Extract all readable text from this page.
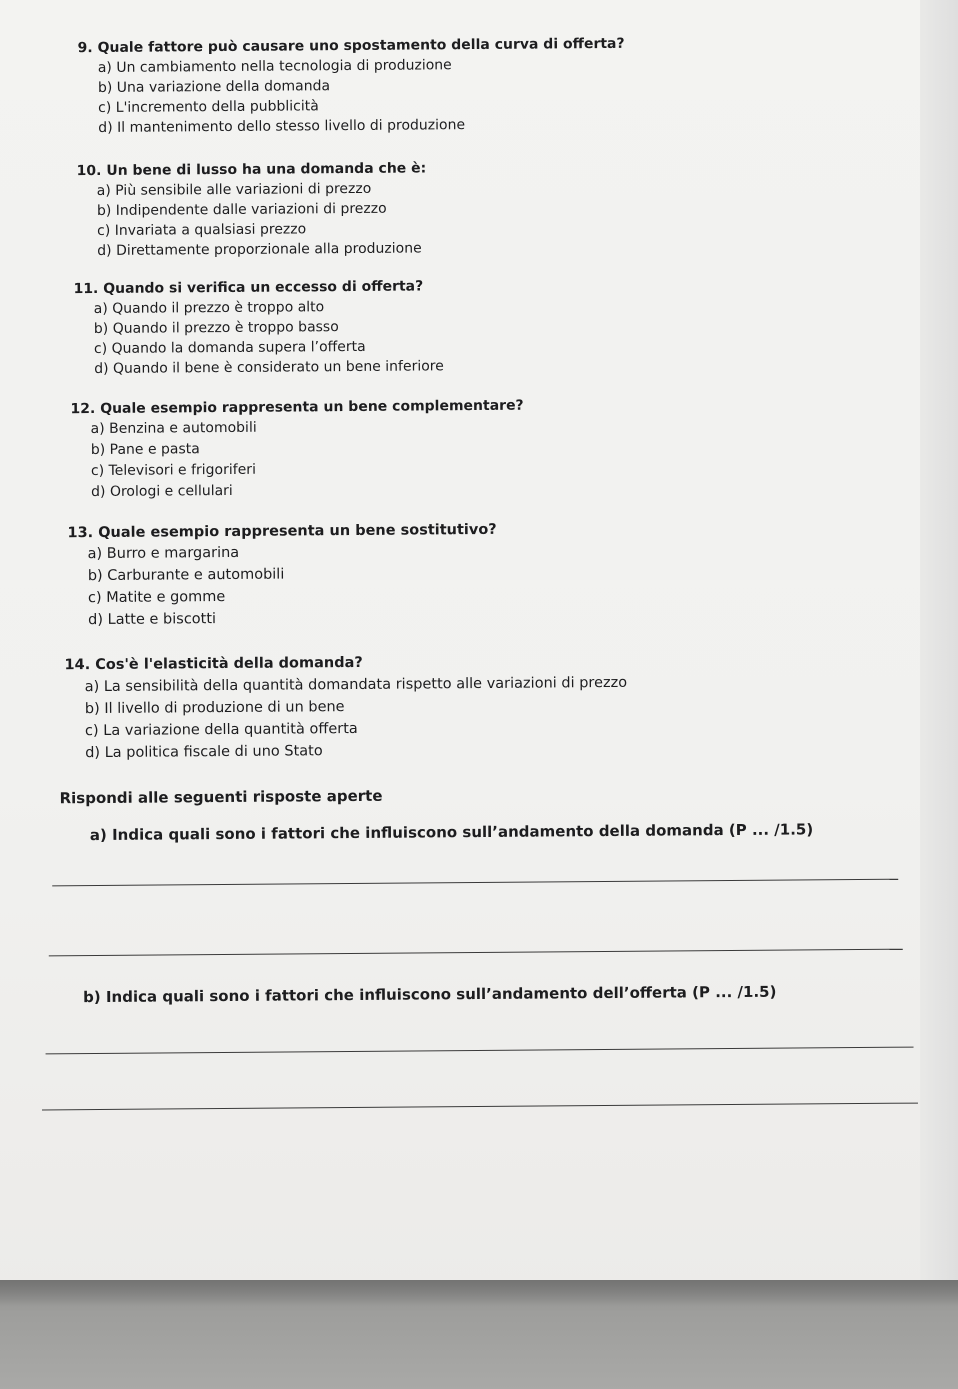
9. Quale fattore può causare uno spostamento della curva di offerta?

a) Un cambiamento nella tecnologia di produzione

b) Una variazione della domanda

c) L'incremento della pubblicità

d) Il mantenimento dello stesso livello di produzione

10. Un bene di lusso ha una domanda che è:

a) Più sensibile alle variazioni di prezzo

b) Indipendente dalle variazioni di prezzo

c) Invariata a qualsiasi prezzo

d) Direttamente proporzionale alla produzione

11. Quando si verifica un eccesso di offerta?

a) Quando il prezzo è troppo alto

b) Quando il prezzo è troppo basso

c) Quando la domanda supera l’offerta

d) Quando il bene è considerato un bene inferiore

12. Quale esempio rappresenta un bene complementare?

a) Benzina e automobili

b) Pane e pasta

c) Televisori e frigoriferi

d) Orologi e cellulari

13. Quale esempio rappresenta un bene sostitutivo?

a) Burro e margarina

b) Carburante e automobili

c) Matite e gomme

d) Latte e biscotti

14. Cos'è l'elasticità della domanda?

a) La sensibilità della quantità domandata rispetto alle variazioni di prezzo

b) Il livello di produzione di un bene

c) La variazione della quantità offerta

d) La politica fiscale di uno Stato

Rispondi alle seguenti risposte aperte
a) Indica quali sono i fattori che influiscono sull’andamento della domanda (P ... /1.5)
b) Indica quali sono i fattori che influiscono sull’andamento dell’offerta (P ... /1.5)
